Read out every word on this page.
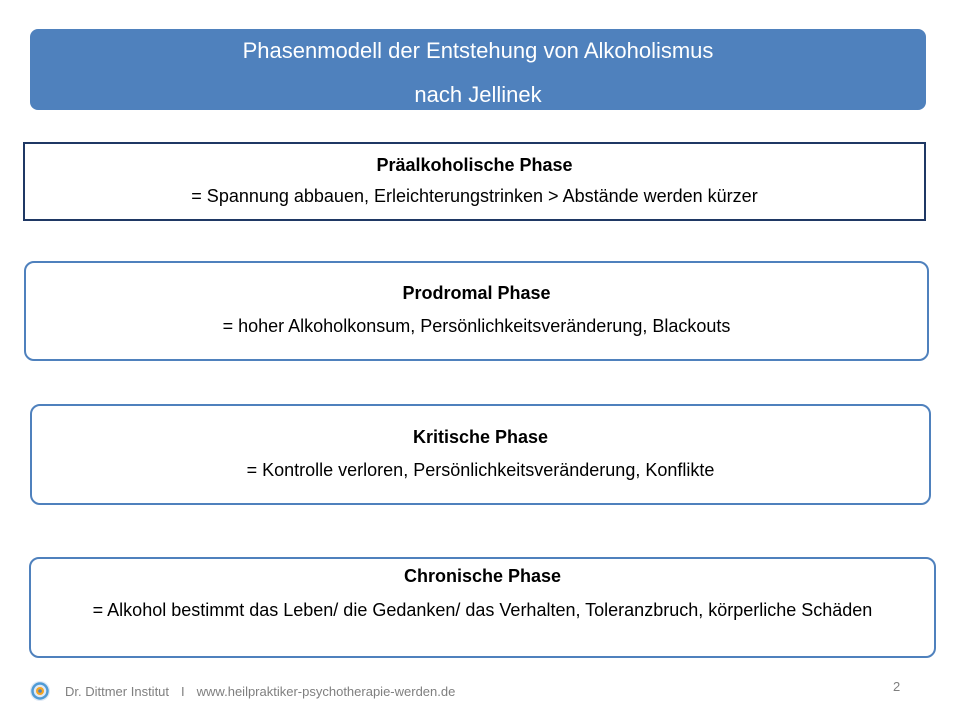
Phasenmodell der Entstehung von Alkoholismus
nach Jellinek
Präalkoholische Phase
= Spannung abbauen, Erleichterungstrinken > Abstände werden kürzer
Prodromal Phase
= hoher Alkoholkonsum, Persönlichkeitsveränderung, Blackouts
Kritische Phase
= Kontrolle verloren, Persönlichkeitsveränderung, Konflikte
Chronische Phase
= Alkohol bestimmt das Leben/ die Gedanken/ das Verhalten, Toleranzbruch, körperliche Schäden
Dr. Dittmer Institut I www.heilpraktiker-psychotherapie-werden.de	2
